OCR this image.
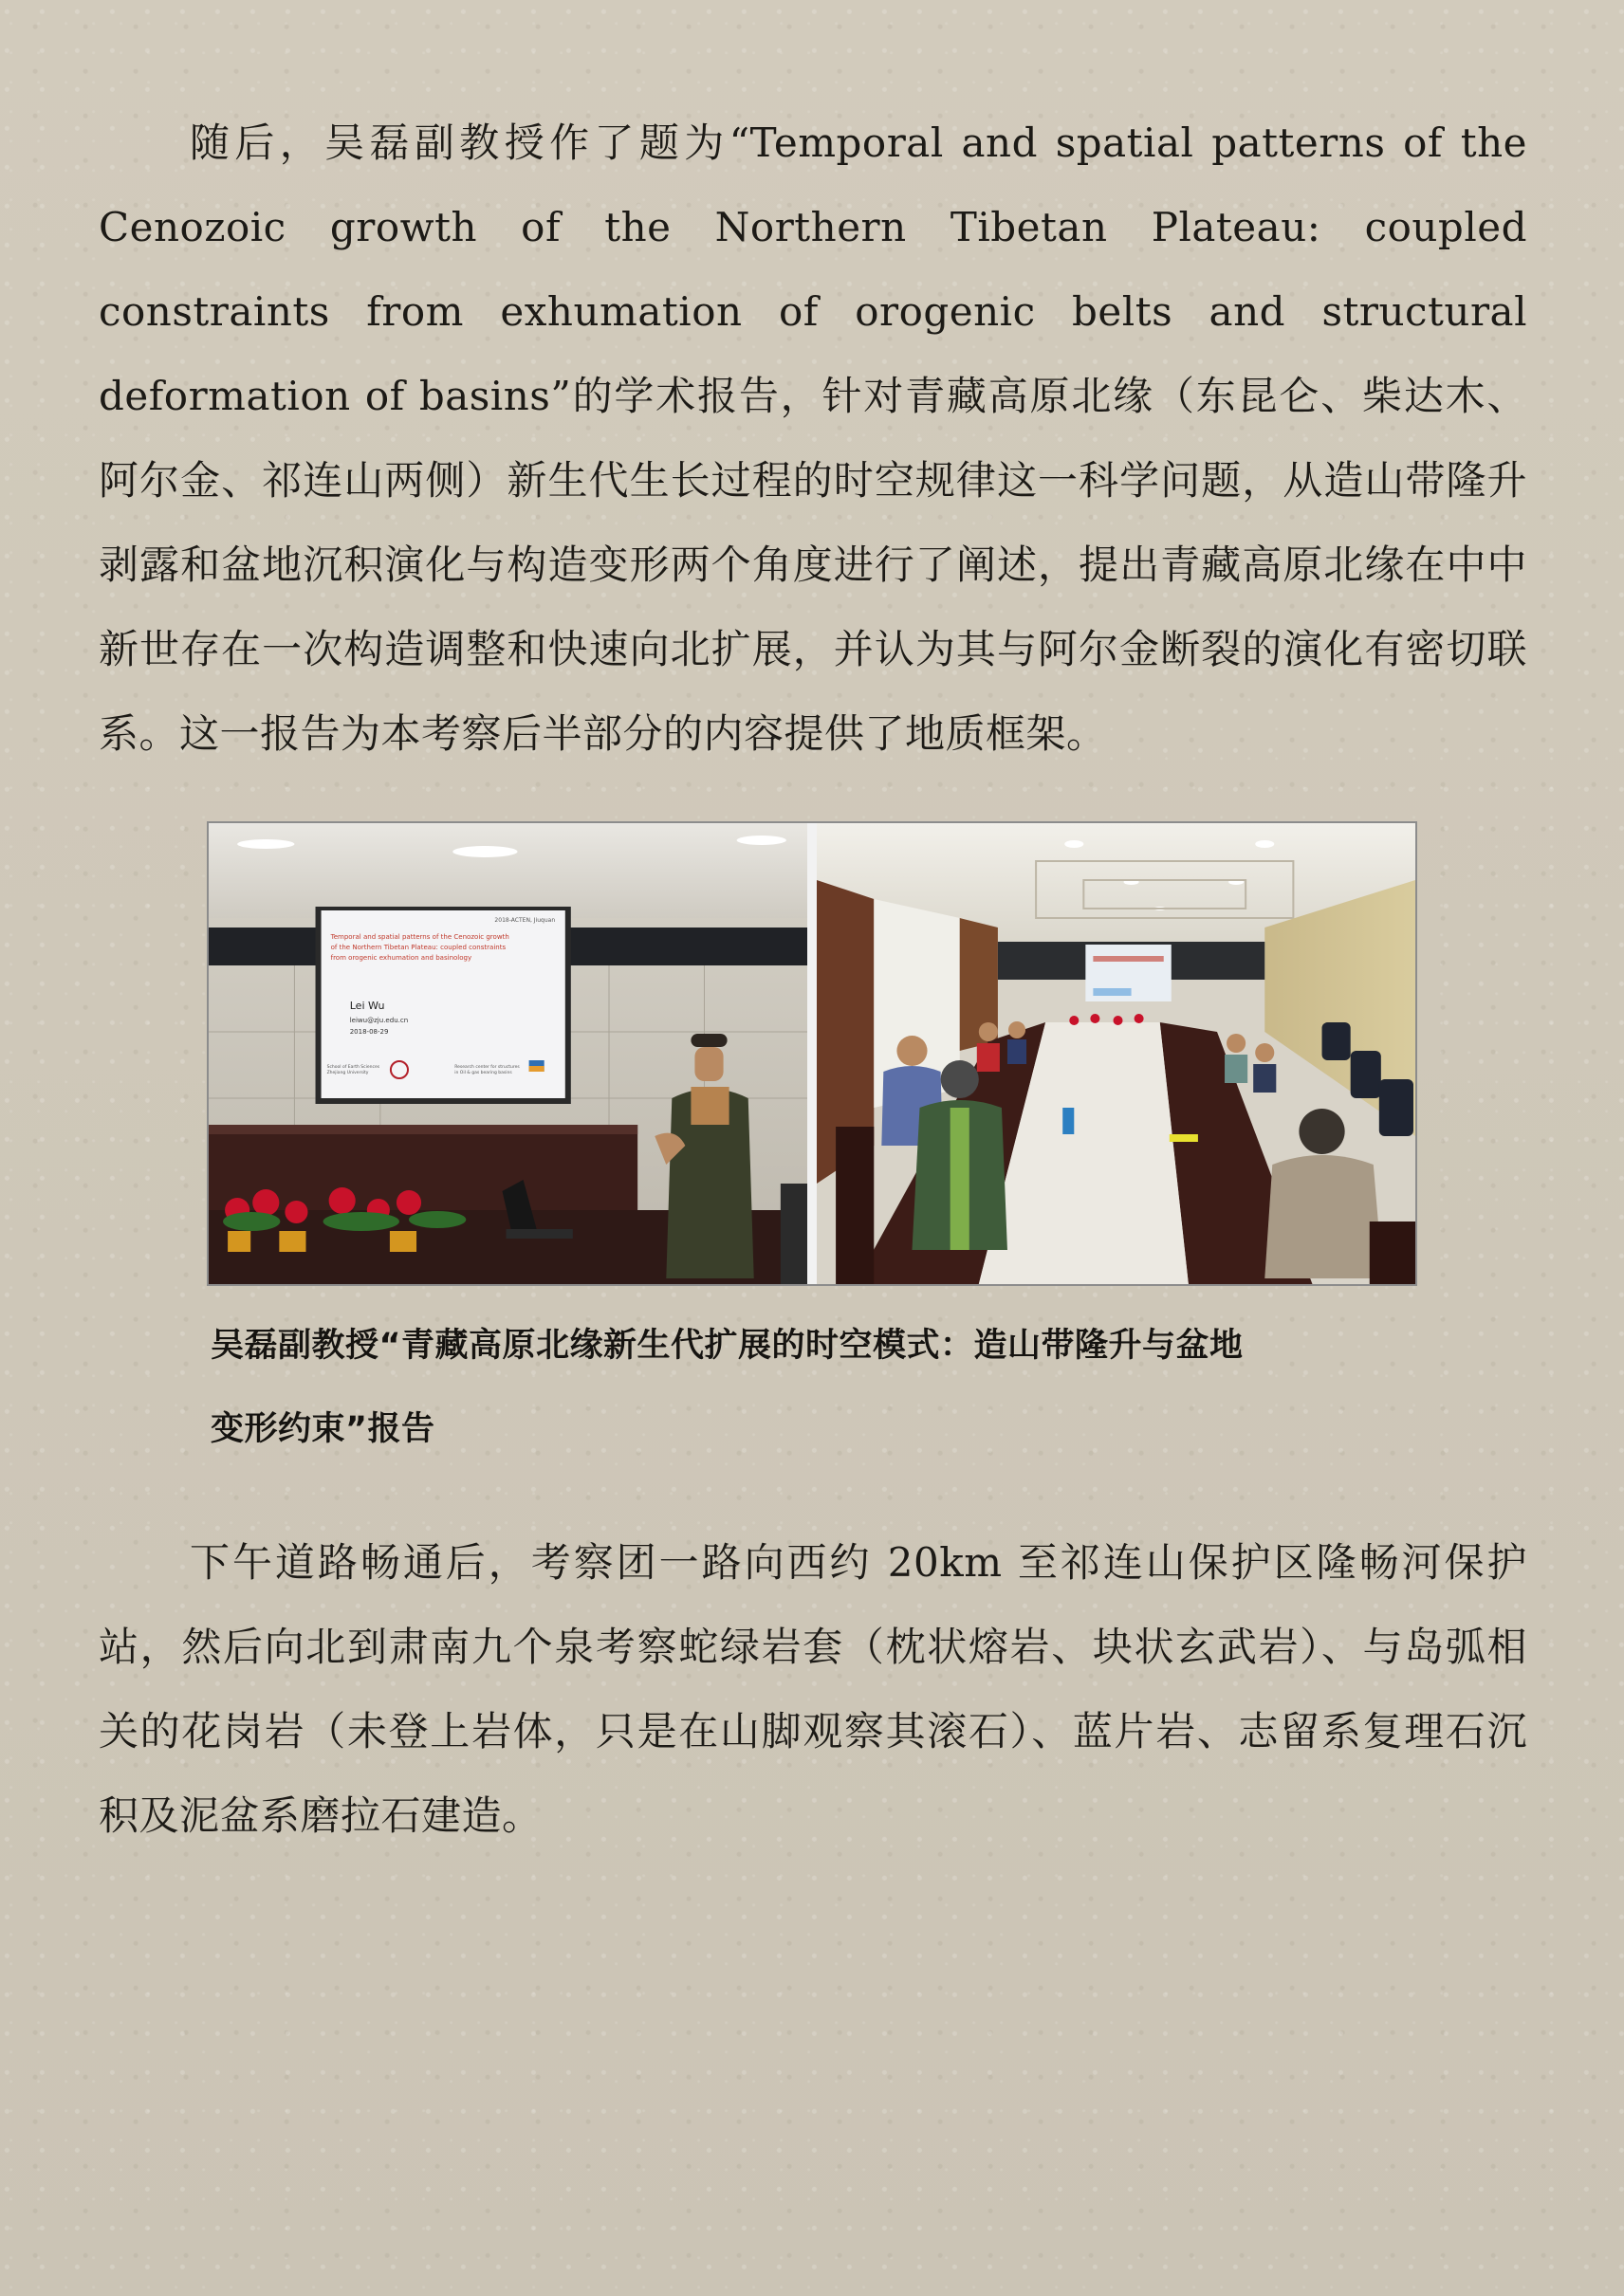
随后，吴磊副教授作了题为“Temporal and spatial patterns of the Cenozoic growth of the Northern Tibetan Plateau: coupled constraints from exhumation of orogenic belts and structural deformation of basins”的学术报告，针对青藏高原北缘（东昆仑、柴达木、阿尔金、祁连山两侧）新生代生长过程的时空规律这一科学问题，从造山带隆升剥露和盆地沉积演化与构造变形两个角度进行了阐述，提出青藏高原北缘在中中新世存在一次构造调整和快速向北扩展，并认为其与阿尔金断裂的演化有密切联系。这一报告为本考察后半部分的内容提供了地质框架。

2018-ACTEN, Jiuquan
Temporal and spatial patterns of the Cenozoic growth
of the Northern Tibetan Plateau: coupled constraints
from orogenic exhumation and basinology
Lei Wu
leiwu@zju.edu.cn
2018-08-29
School of Earth Sciences
Zhejiang University
Research center for structures
in Oil & gas bearing basins

吴磊副教授“青藏高原北缘新生代扩展的时空模式：造山带隆升与盆地
变形约束”报告

下午道路畅通后，考察团一路向西约 20km 至祁连山保护区隆畅河保护站，然后向北到肃南九个泉考察蛇绿岩套（枕状熔岩、块状玄武岩）、与岛弧相关的花岗岩（未登上岩体，只是在山脚观察其滚石）、蓝片岩、志留系复理石沉积及泥盆系磨拉石建造。
